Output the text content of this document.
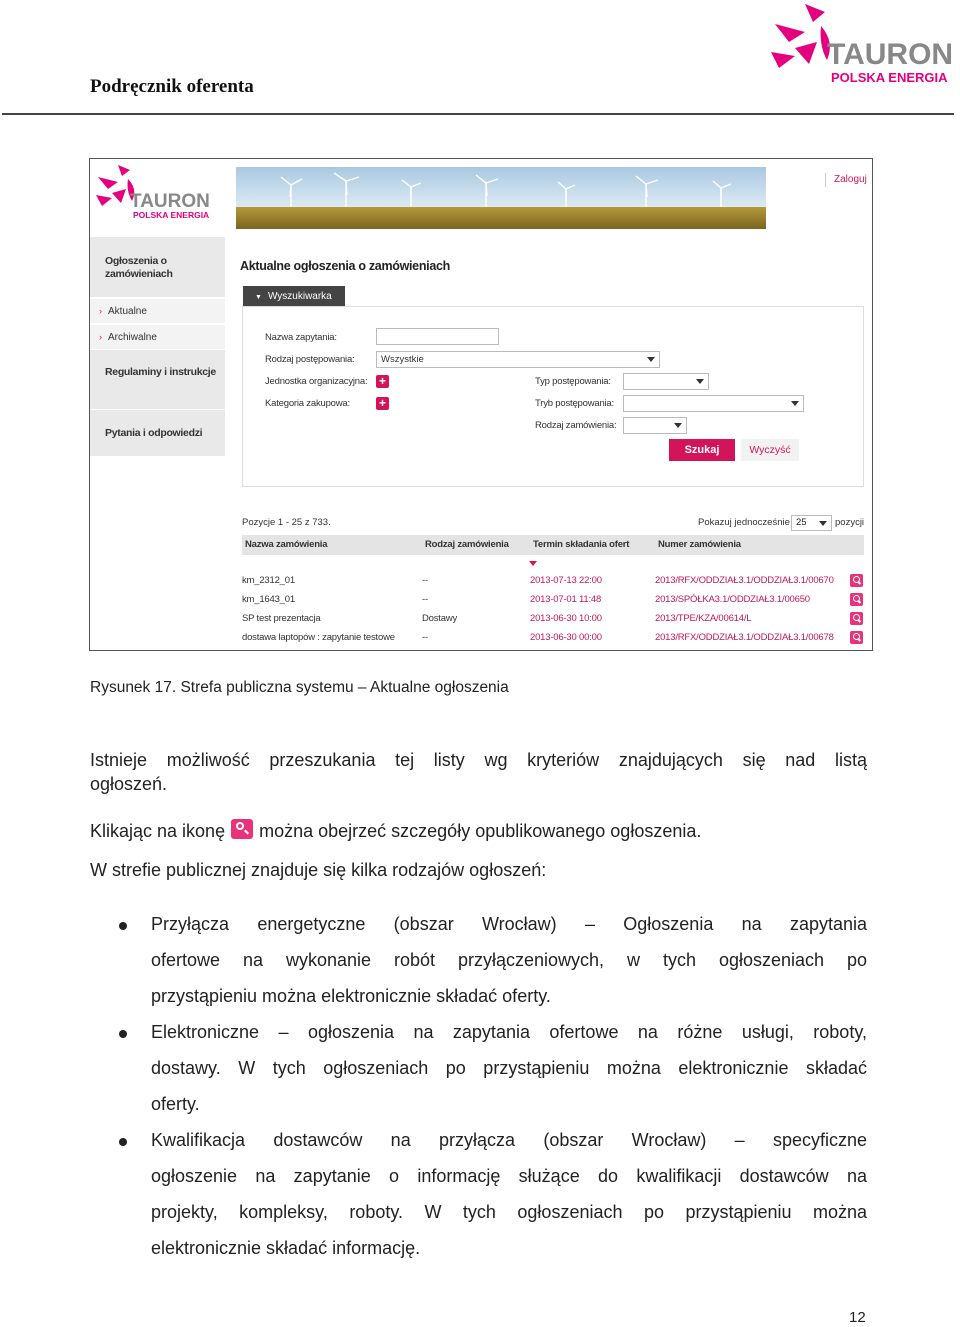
Podręcznik oferenta
TAURON
POLSKA ENERGIA
TAURON
POLSKA ENERGIA
Zaloguj
Ogłoszenia o zamówieniach
› Aktualne
› Archiwalne
Regulaminy i instrukcje
Pytania i odpowiedzi
Aktualne ogłoszenia o zamówieniach
▼ Wyszukiwarka
Nazwa zapytania:
Rodzaj postępowania:	Wszystkie
Jednostka organizacyjna: +
Kategoria zakupowa: +
Typ postępowania:
Tryb postępowania:
Rodzaj zamówienia:
Szukaj	Wyczyść
Pozycje 1 - 25 z 733.	Pokazuj jednocześnie 25	pozycji
Nazwa zamówienia	Rodzaj zamówienia	Termin składania ofert	Numer zamówienia
km_2312_01	--	2013-07-13 22:00	2013/RFX/ODDZIAŁ3.1/ODDZIAŁ3.1/00670
km_1643_01	--	2013-07-01 11:48	2013/SPÓŁKA3.1/ODDZIAŁ3.1/00650
SP test prezentacja	Dostawy	2013-06-30 10:00	2013/TPE/KZA/00614/L
dostawa laptopów : zapytanie testowe	--	2013-06-30 00:00	2013/RFX/ODDZIAŁ3.1/ODDZIAŁ3.1/00678
Rysunek 17. Strefa publiczna systemu – Aktualne ogłoszenia
Istnieje możliwość przeszukania tej listy wg kryteriów znajdujących się nad listą
ogłoszeń.
Klikając na ikonę można obejrzeć szczegóły opublikowanego ogłoszenia.
W strefie publicznej znajduje się kilka rodzajów ogłoszeń:
Przyłącza energetyczne (obszar Wrocław) – Ogłoszenia na zapytania
ofertowe na wykonanie robót przyłączeniowych, w tych ogłoszeniach po
przystąpieniu można elektronicznie składać oferty.
Elektroniczne – ogłoszenia na zapytania ofertowe na różne usługi, roboty,
dostawy. W tych ogłoszeniach po przystąpieniu można elektronicznie składać
oferty.
Kwalifikacja dostawców na przyłącza (obszar Wrocław) – specyficzne
ogłoszenie na zapytanie o informację służące do kwalifikacji dostawców na
projekty, kompleksy, roboty. W tych ogłoszeniach po przystąpieniu można
elektronicznie składać informację.
12
